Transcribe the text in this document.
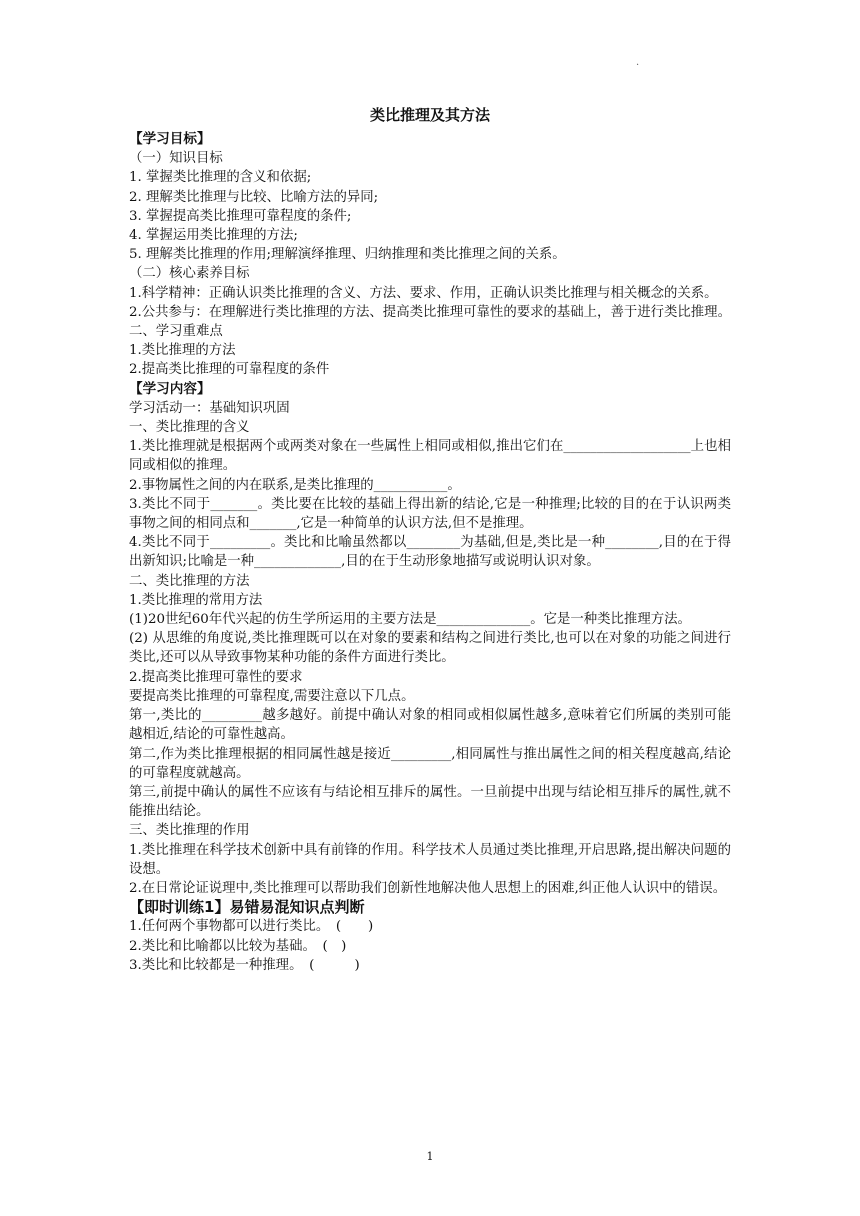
·
类比推理及其方法
【学习目标】
（一）知识目标
1. 掌握类比推理的含义和依据;
2. 理解类比推理与比较、比喻方法的异同;
3. 掌握提高类比推理可靠程度的条件;
4. 掌握运用类比推理的方法;
5. 理解类比推理的作用;理解演绎推理、归纳推理和类比推理之间的关系。
（二）核心素养目标
1.科学精神：正确认识类比推理的含义、方法、要求、作用，正确认识类比推理与相关概念的关系。
2.公共参与：在理解进行类比推理的方法、提高类比推理可靠性的要求的基础上，善于进行类比推理。
二、学习重难点
1.类比推理的方法
2.提高类比推理的可靠程度的条件
【学习内容】
学习活动一：基础知识巩固
一、类比推理的含义
1.类比推理就是根据两个或两类对象在一些属性上相同或相似,推出它们在___________________上也相同或相似的推理。
2.事物属性之间的内在联系,是类比推理的___________。
3.类比不同于_______。类比要在比较的基础上得出新的结论,它是一种推理;比较的目的在于认识两类事物之间的相同点和_______,它是一种简单的认识方法,但不是推理。
4.类比不同于_________。类比和比喻虽然都以________为基础,但是,类比是一种________,目的在于得出新知识;比喻是一种_____________,目的在于生动形象地描写或说明认识对象。
二、类比推理的方法
1.类比推理的常用方法
(1)20世纪60年代兴起的仿生学所运用的主要方法是______________。它是一种类比推理方法。
(2) 从思维的角度说,类比推理既可以在对象的要素和结构之间进行类比,也可以在对象的功能之间进行类比,还可以从导致事物某种功能的条件方面进行类比。
2.提高类比推理可靠性的要求
要提高类比推理的可靠程度,需要注意以下几点。
第一,类比的_________越多越好。前提中确认对象的相同或相似属性越多,意味着它们所属的类别可能越相近,结论的可靠性越高。
第二,作为类比推理根据的相同属性越是接近_________,相同属性与推出属性之间的相关程度越高,结论的可靠程度就越高。
第三,前提中确认的属性不应该有与结论相互排斥的属性。一旦前提中出现与结论相互排斥的属性,就不能推出结论。
三、类比推理的作用
1.类比推理在科学技术创新中具有前锋的作用。科学技术人员通过类比推理,开启思路,提出解决问题的设想。
2.在日常论证说理中,类比推理可以帮助我们创新性地解决他人思想上的困难,纠正他人认识中的错误。
【即时训练1】易错易混知识点判断
1.任何两个事物都可以进行类比。　(　　)
2.类比和比喻都以比较为基础。　(　)
3.类比和比较都是一种推理。　(　　　)
1
